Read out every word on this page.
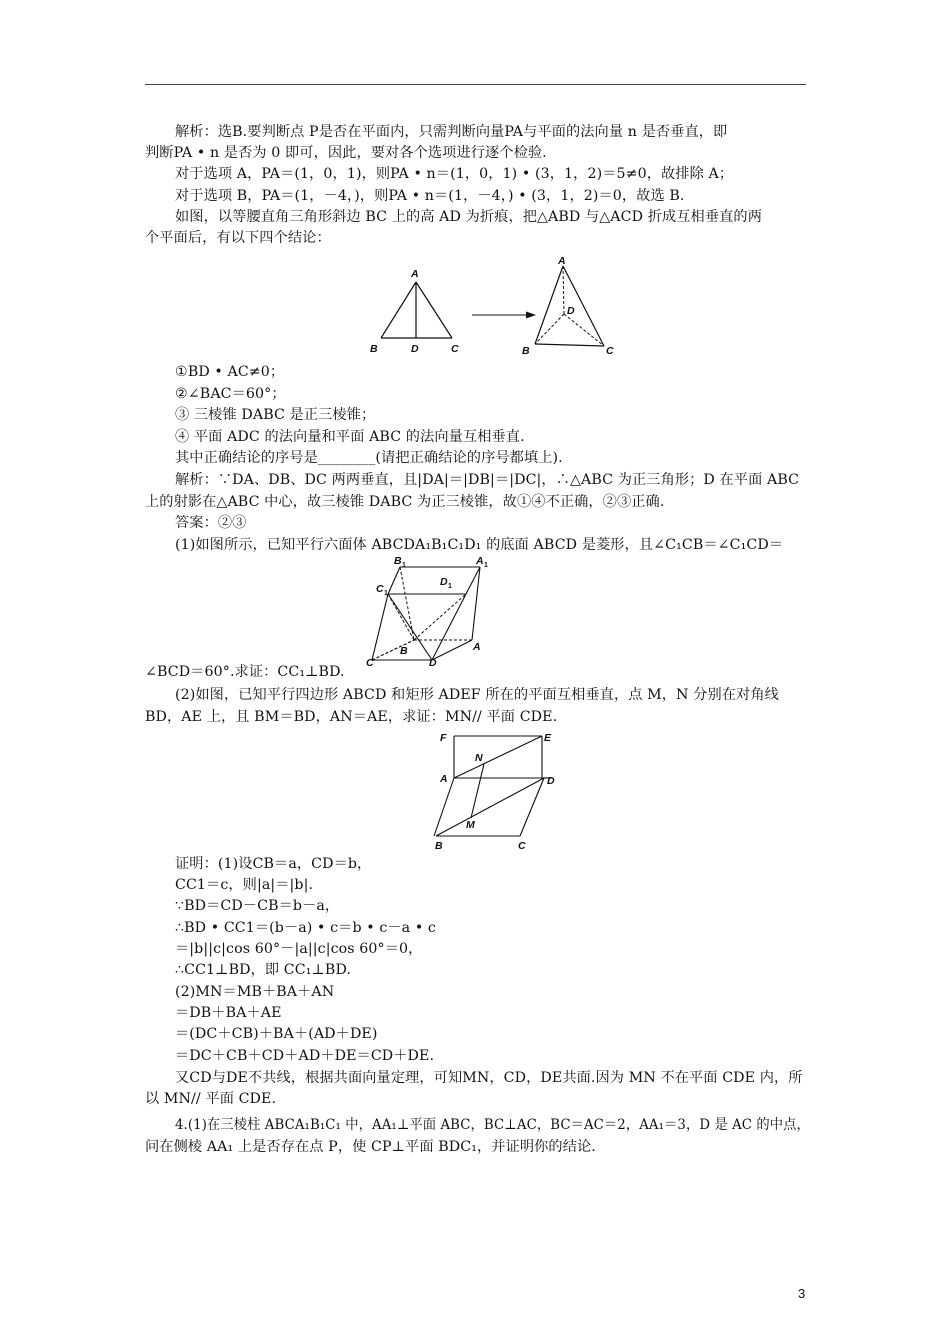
解析：选B.要判断点 P是否在平面内，只需判断向量PA与平面的法向量 n 是否垂直，即
判断PA • n 是否为 0 即可，因此，要对各个选项进行逐个检验.
对于选项 A，PA＝(1，0，1)，则PA • n＝(1，0，1) • (3，1，2)＝5≠0，故排除 A；
对于选项 B，PA＝(1，－4，)，则PA • n＝(1，－4，) • (3，1，2)＝0，故选 B.
如图，以等腰直角三角形斜边 BC 上的高 AD 为折痕，把△ABD 与△ACD 折成互相垂直的两
个平面后，有以下四个结论：
A
B	D	C
A
D
B	C
①BD • AC≠0；
②∠BAC＝60°；
③ 三棱锥 DABC 是正三棱锥；
④ 平面 ADC 的法向量和平面 ABC 的法向量互相垂直.
其中正确结论的序号是________(请把正确结论的序号都填上).
解析：∵DA、DB、DC 两两垂直，且|DA|＝|DB|＝|DC|，∴△ABC 为正三角形；D 在平面 ABC
上的射影在△ABC 中心，故三棱锥 DABC 为正三棱锥，故①④不正确，②③正确.
答案：②③
(1)如图所示，已知平行六面体 ABCDA₁B₁C₁D₁ 的底面 ABCD 是菱形，且∠C₁CB＝∠C₁CD＝
B 1	A 1
D 1
C 1
B
C	D
A
∠BCD＝60°.求证：CC₁⊥BD.
(2)如图，已知平行四边形 ABCD 和矩形 ADEF 所在的平面互相垂直，点 M，N 分别在对角线
BD，AE 上，且 BM＝BD，AN＝AE，求证：MN// 平面 CDE.
F	E
N
A	D
M
B	C
证明：(1)设CB＝a，CD＝b，
CC1＝c，则|a|＝|b|.
∵BD＝CD－CB＝b－a，
∴BD • CC1＝(b－a) • c＝b • c－a • c
＝|b||c|cos 60°－|a||c|cos 60°＝0，
∴CC1⊥BD，即 CC₁⊥BD.
(2)MN＝MB＋BA＋AN
＝DB＋BA＋AE
＝(DC＋CB)＋BA＋(AD＋DE)
＝DC＋CB＋CD＋AD＋DE＝CD＋DE.
又CD与DE不共线，根据共面向量定理，可知MN，CD，DE共面.因为 MN 不在平面 CDE 内，所
以 MN// 平面 CDE.
4.(1)在三棱柱 ABCA₁B₁C₁ 中，AA₁⊥平面 ABC，BC⊥AC，BC＝AC＝2，AA₁＝3，D 是 AC 的中点，
问在侧棱 AA₁ 上是否存在点 P，使 CP⊥平面 BDC₁，并证明你的结论.
3
